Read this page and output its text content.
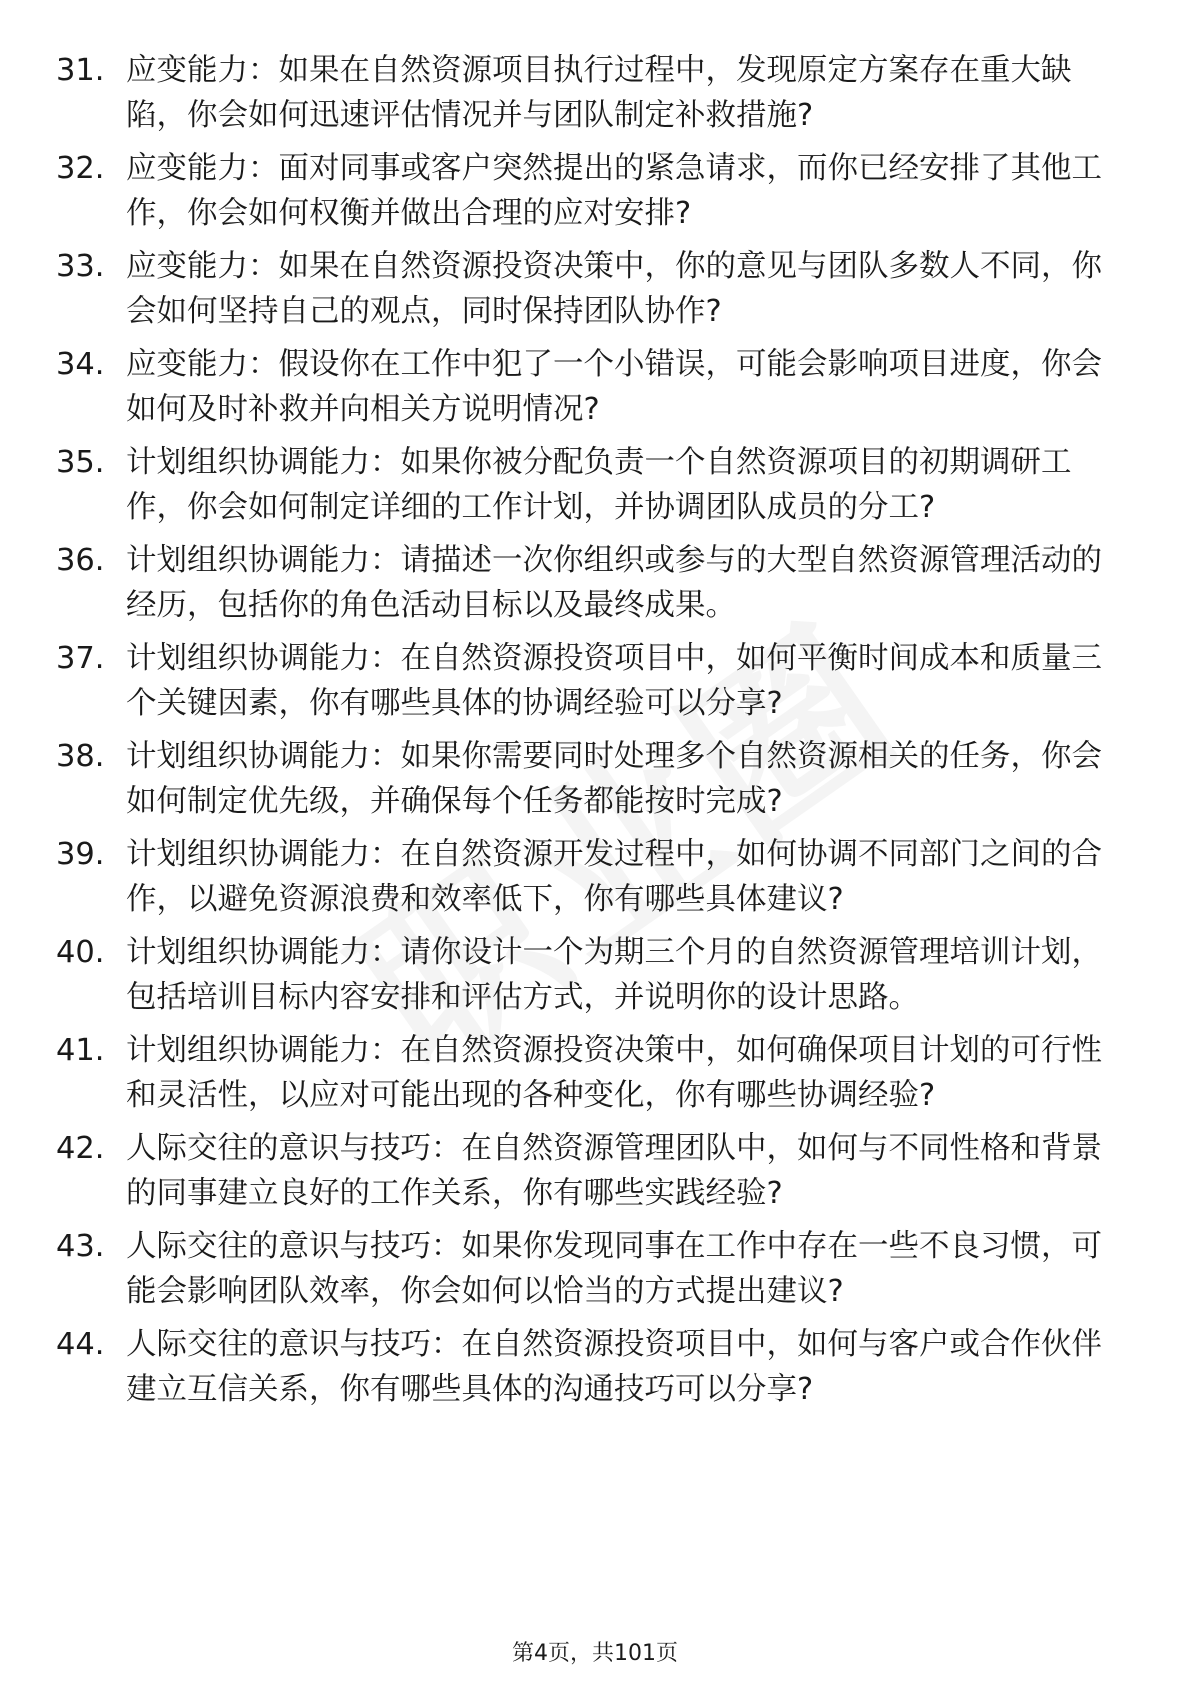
31. 应变能力：如果在自然资源项目执行过程中，发现原定方案存在重大缺陷，你会如何迅速评估情况并与团队制定补救措施?
32. 应变能力：面对同事或客户突然提出的紧急请求，而你已经安排了其他工作，你会如何权衡并做出合理的应对安排?
33. 应变能力：如果在自然资源投资决策中，你的意见与团队多数人不同，你会如何坚持自己的观点，同时保持团队协作?
34. 应变能力：假设你在工作中犯了一个小错误，可能会影响项目进度，你会如何及时补救并向相关方说明情况?
35. 计划组织协调能力：如果你被分配负责一个自然资源项目的初期调研工作，你会如何制定详细的工作计划，并协调团队成员的分工?
36. 计划组织协调能力：请描述一次你组织或参与的大型自然资源管理活动的经历，包括你的角色活动目标以及最终成果。
37. 计划组织协调能力：在自然资源投资项目中，如何平衡时间成本和质量三个关键因素，你有哪些具体的协调经验可以分享?
38. 计划组织协调能力：如果你需要同时处理多个自然资源相关的任务，你会如何制定优先级，并确保每个任务都能按时完成?
39. 计划组织协调能力：在自然资源开发过程中，如何协调不同部门之间的合作，以避免资源浪费和效率低下，你有哪些具体建议?
40. 计划组织协调能力：请你设计一个为期三个月的自然资源管理培训计划，包括培训目标内容安排和评估方式，并说明你的设计思路。
41. 计划组织协调能力：在自然资源投资决策中，如何确保项目计划的可行性和灵活性，以应对可能出现的各种变化，你有哪些协调经验?
42. 人际交往的意识与技巧：在自然资源管理团队中，如何与不同性格和背景的同事建立良好的工作关系，你有哪些实践经验?
43. 人际交往的意识与技巧：如果你发现同事在工作中存在一些不良习惯，可能会影响团队效率，你会如何以恰当的方式提出建议?
44. 人际交往的意识与技巧：在自然资源投资项目中，如何与客户或合作伙伴建立互信关系，你有哪些具体的沟通技巧可以分享?
第4页，共101页
